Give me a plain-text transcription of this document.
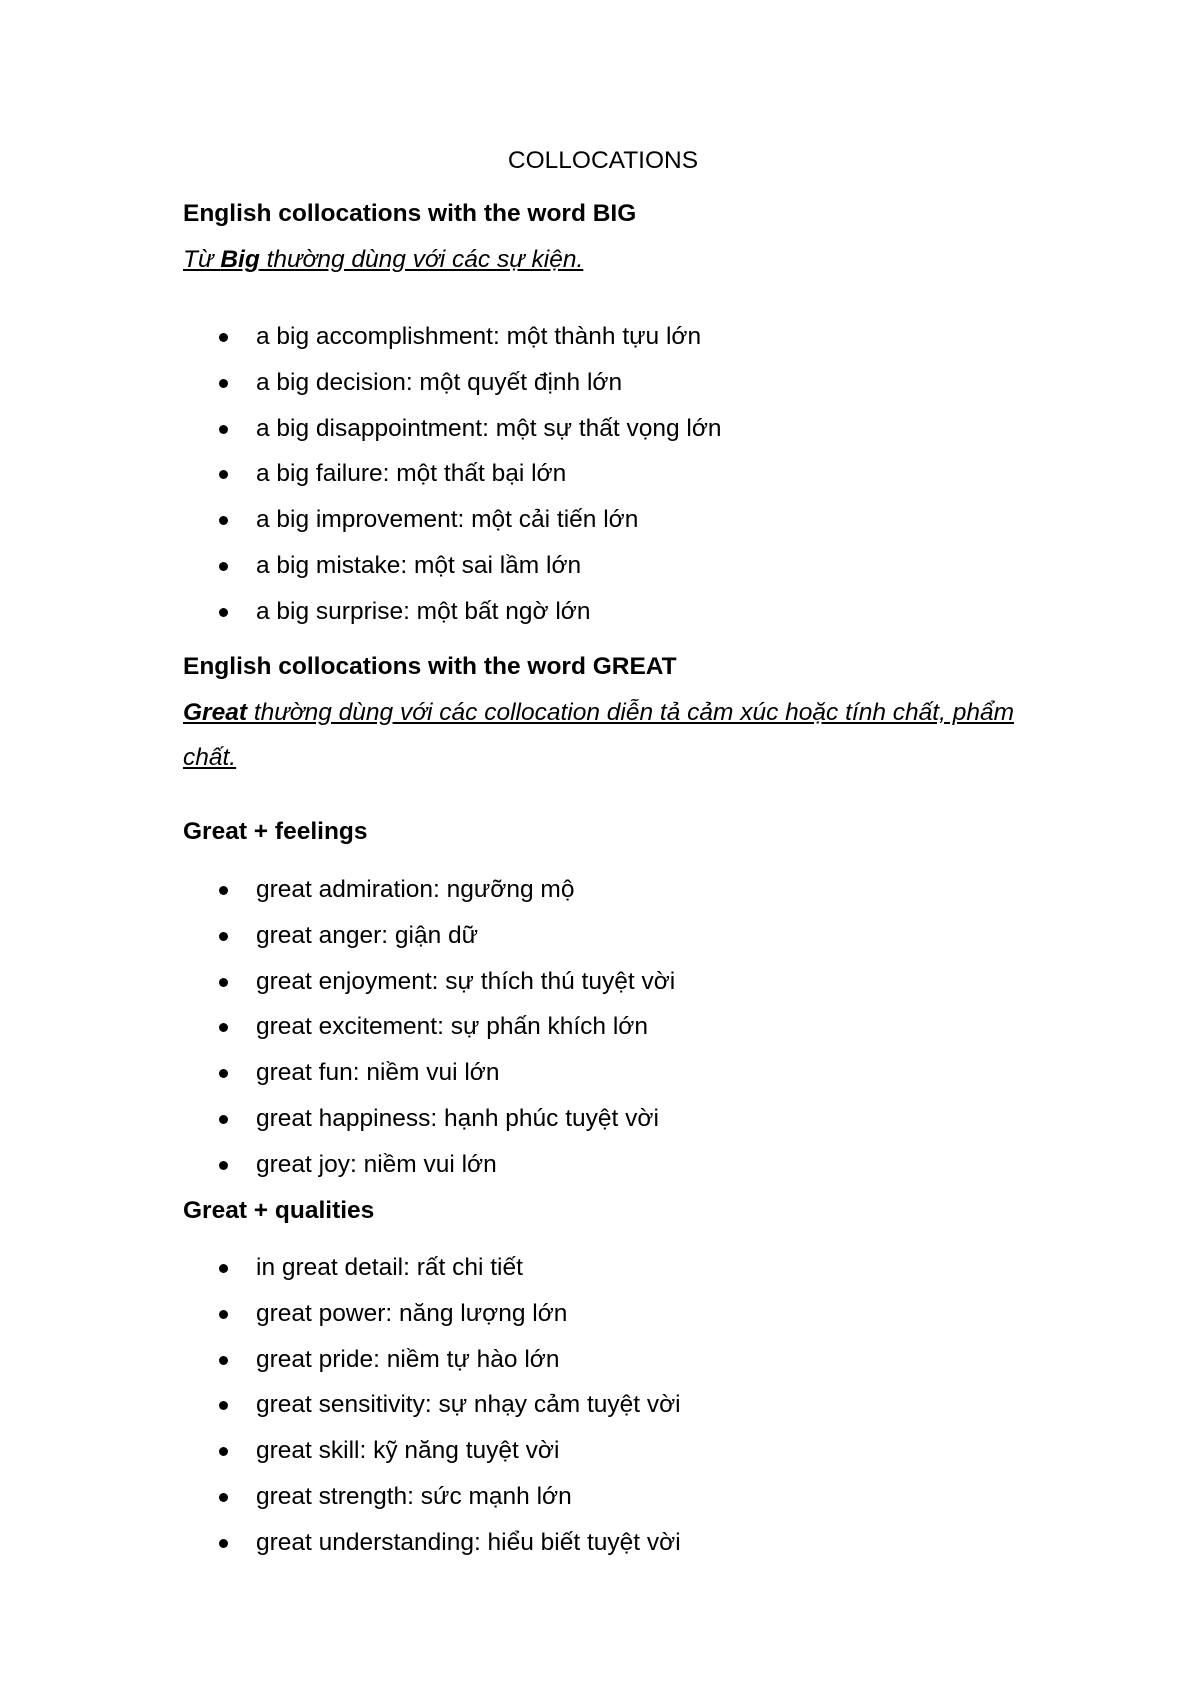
COLLOCATIONS
English collocations with the word BIG

Từ Big thường dùng với các sự kiện.

a big accomplishment: một thành tựu lớn
a big decision: một quyết định lớn
a big disappointment: một sự thất vọng lớn
a big failure: một thất bại lớn
a big improvement: một cải tiến lớn
a big mistake: một sai lầm lớn
a big surprise: một bất ngờ lớn
English collocations with the word GREAT

Great thường dùng với các collocation diễn tả cảm xúc hoặc tính chất, phẩm chất.

Great + feelings
great admiration: ngưỡng mộ
great anger: giận dữ
great enjoyment: sự thích thú tuyệt vời
great excitement: sự phấn khích lớn
great fun: niềm vui lớn
great happiness: hạnh phúc tuyệt vời
great joy: niềm vui lớn
Great + qualities
in great detail: rất chi tiết
great power: năng lượng lớn
great pride: niềm tự hào lớn
great sensitivity: sự nhạy cảm tuyệt vời
great skill: kỹ năng tuyệt vời
great strength: sức mạnh lớn
great understanding: hiểu biết tuyệt vời
